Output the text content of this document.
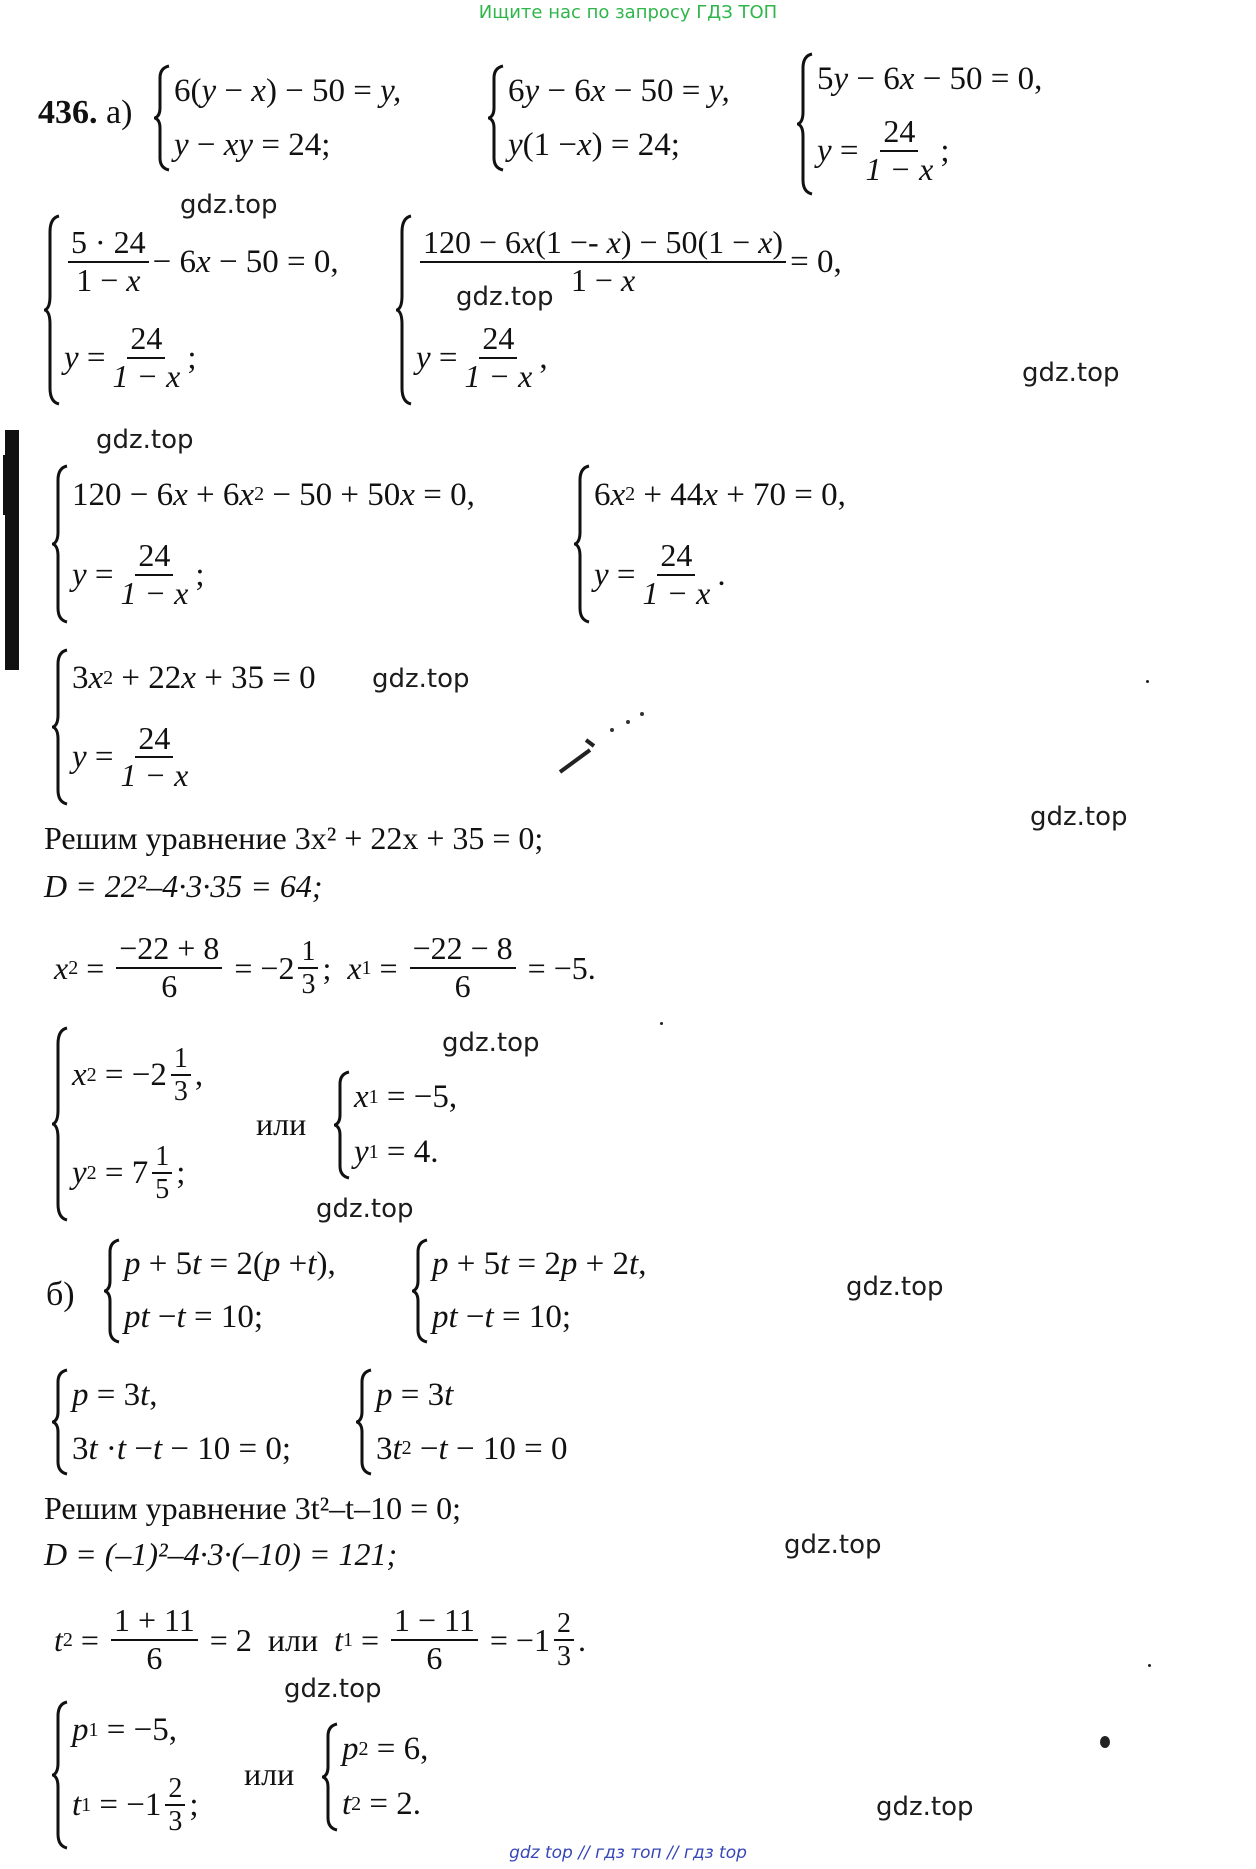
Ищите нас по запросу ГДЗ ТОП
436. а)
6( y − x ) − 50 = y,
y − xy = 24;
6 y − 6 x − 50 = y,
y (1 − x ) = 24;
5 y − 6 x − 50 = 0,
$y = \frac{24}{1 - x}$ ;
gdz.top
$\frac{5 \cdot 24}{1 - x} - 6$ x − 50 = 0,
$y = \frac{24}{1 - x}$ ;
$\frac{120 - 6x(1 -- x) - 50(1 - x)}{1 - x} = 0$,
$y = \frac{24}{1 - x}$ ,
gdz.top
gdz.top
gdz.top
120 − 6 x + 6 x 2 − 50 + 50 x = 0,
$y = \frac{24}{1 - x}$ ;
6 x 2 + 44 x + 70 = 0,
$y = \frac{24}{1 - x}$ .
3 x 2 + 22 x + 35 = 0
$y = \frac{24}{1 - x}$
gdz.top
gdz.top
Решим уравнение 3x² + 22x + 35 = 0;
D = 22²–4·3·35 = 64;
x $2 = \frac{-22 + 8}{6} = -2 \frac{1}{3}$ ; x $1 = \frac{-22 - 8}{6} = -5$.
gdz.top
x $2 = -2 \frac{1}{3}$ ,
y $2 = 7 \frac{1}{5}$ ;
или
x 1 = −5,
y 1 = 4.
gdz.top
б)
p + 5 t = 2( p + t ),
pt − t = 10;
p + 5 t = 2 p + 2 t ,
pt − t = 10;
gdz.top
p = 3 t ,
3 t · t − t − 10 = 0;
p = 3 t
3 t 2 − t − 10 = 0
Решим уравнение 3t²–t–10 = 0;
D = (–1)²–4·3·(–10) = 121;	gdz.top
t $2 = \frac{1 + 11}{6} = 2$  или t $1 = \frac{1 - 11}{6} = -1 \frac{2}{3}$ .
gdz.top
p 1 = −5,
t $1 = -1 \frac{2}{3}$ ;
или
p 2 = 6,
t 2 = 2.	gdz.top
gdz top // гдз топ // гдз top
